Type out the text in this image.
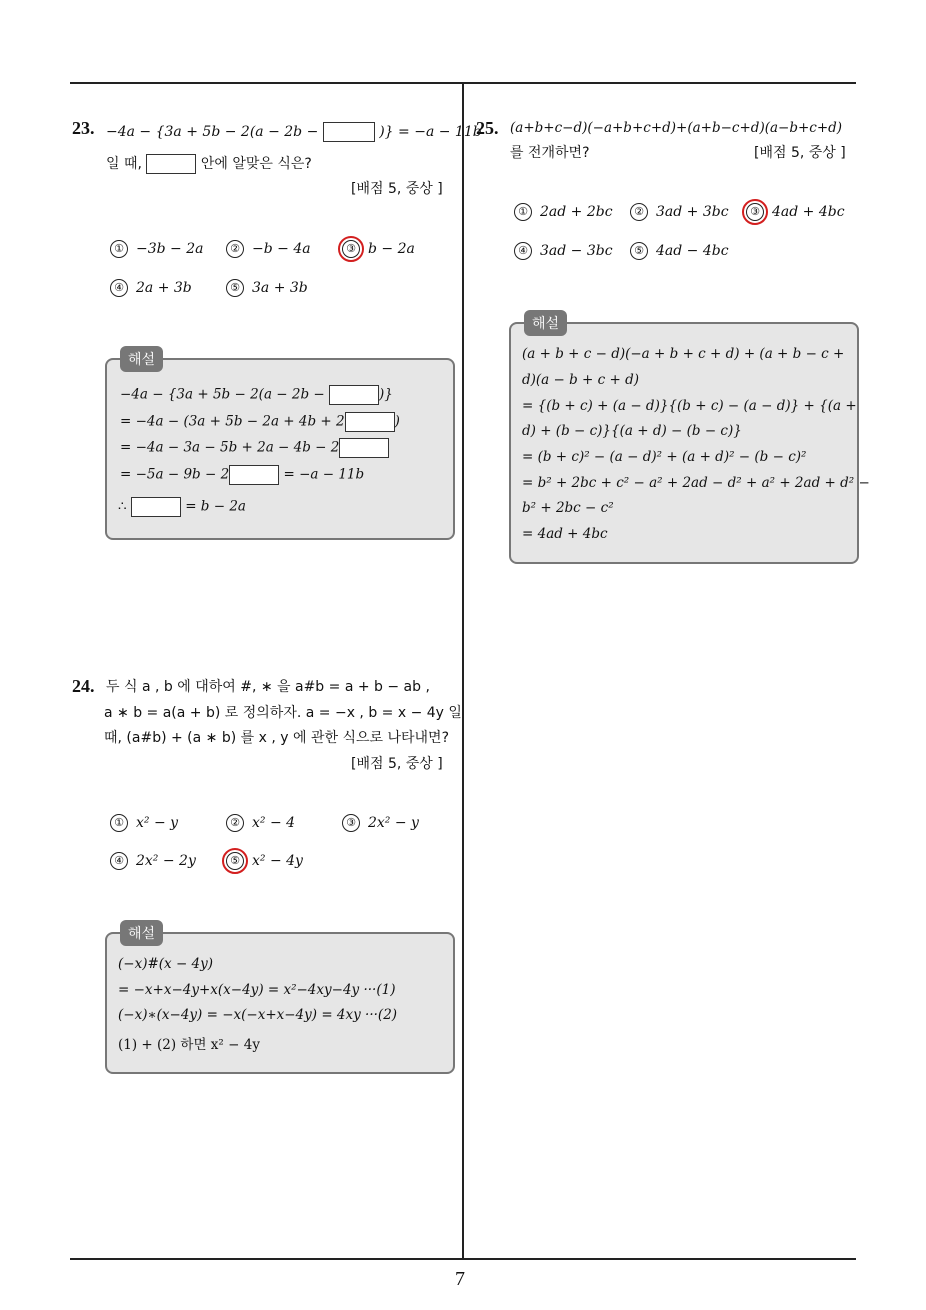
7
23. −4a − {3a + 5b − 2(a − 2b −	)} = −a − 11b
일 때,	안에 알맞은 식은?
[배점 5, 중상 ]
① −3b − 2a	② −b − 4a	③ b − 2a
④ 2a + 3b	⑤ 3a + 3b
해설
−4a − {3a + 5b − 2(a − 2b −	)}
= −4a − (3a + 5b − 2a + 4b + 2	)
= −4a − 3a − 5b + 2a − 4b − 2
= −5a − 9b − 2	= −a − 11b
∴	= b − 2a
24. 두 식 a , b 에 대하여 #, ∗ 을 a#b = a + b − ab ,
a ∗ b = a(a + b) 로 정의하자. a = −x , b = x − 4y 일
때, (a#b) + (a ∗ b) 를 x , y 에 관한 식으로 나타내면?
[배점 5, 중상 ]
① x² − y	② x² − 4	③ 2x² − y
④ 2x² − 2y	⑤ x² − 4y
해설
(−x)#(x − 4y)
= −x+x−4y+x(x−4y) = x²−4xy−4y ···(1)
(−x)∗(x−4y) = −x(−x+x−4y) = 4xy ···(2)
(1) + (2) 하면 x² − 4y
25. (a+b+c−d)(−a+b+c+d)+(a+b−c+d)(a−b+c+d)
를 전개하면?	[배점 5, 중상 ]
① 2ad + 2bc	② 3ad + 3bc	③ 4ad + 4bc
④ 3ad − 3bc	⑤ 4ad − 4bc
해설
(a + b + c − d)(−a + b + c + d) + (a + b − c +
d)(a − b + c + d)
= {(b + c) + (a − d)}{(b + c) − (a − d)} + {(a +
d) + (b − c)}{(a + d) − (b − c)}
= (b + c)² − (a − d)² + (a + d)² − (b − c)²
= b² + 2bc + c² − a² + 2ad − d² + a² + 2ad + d² −
b² + 2bc − c²
= 4ad + 4bc
